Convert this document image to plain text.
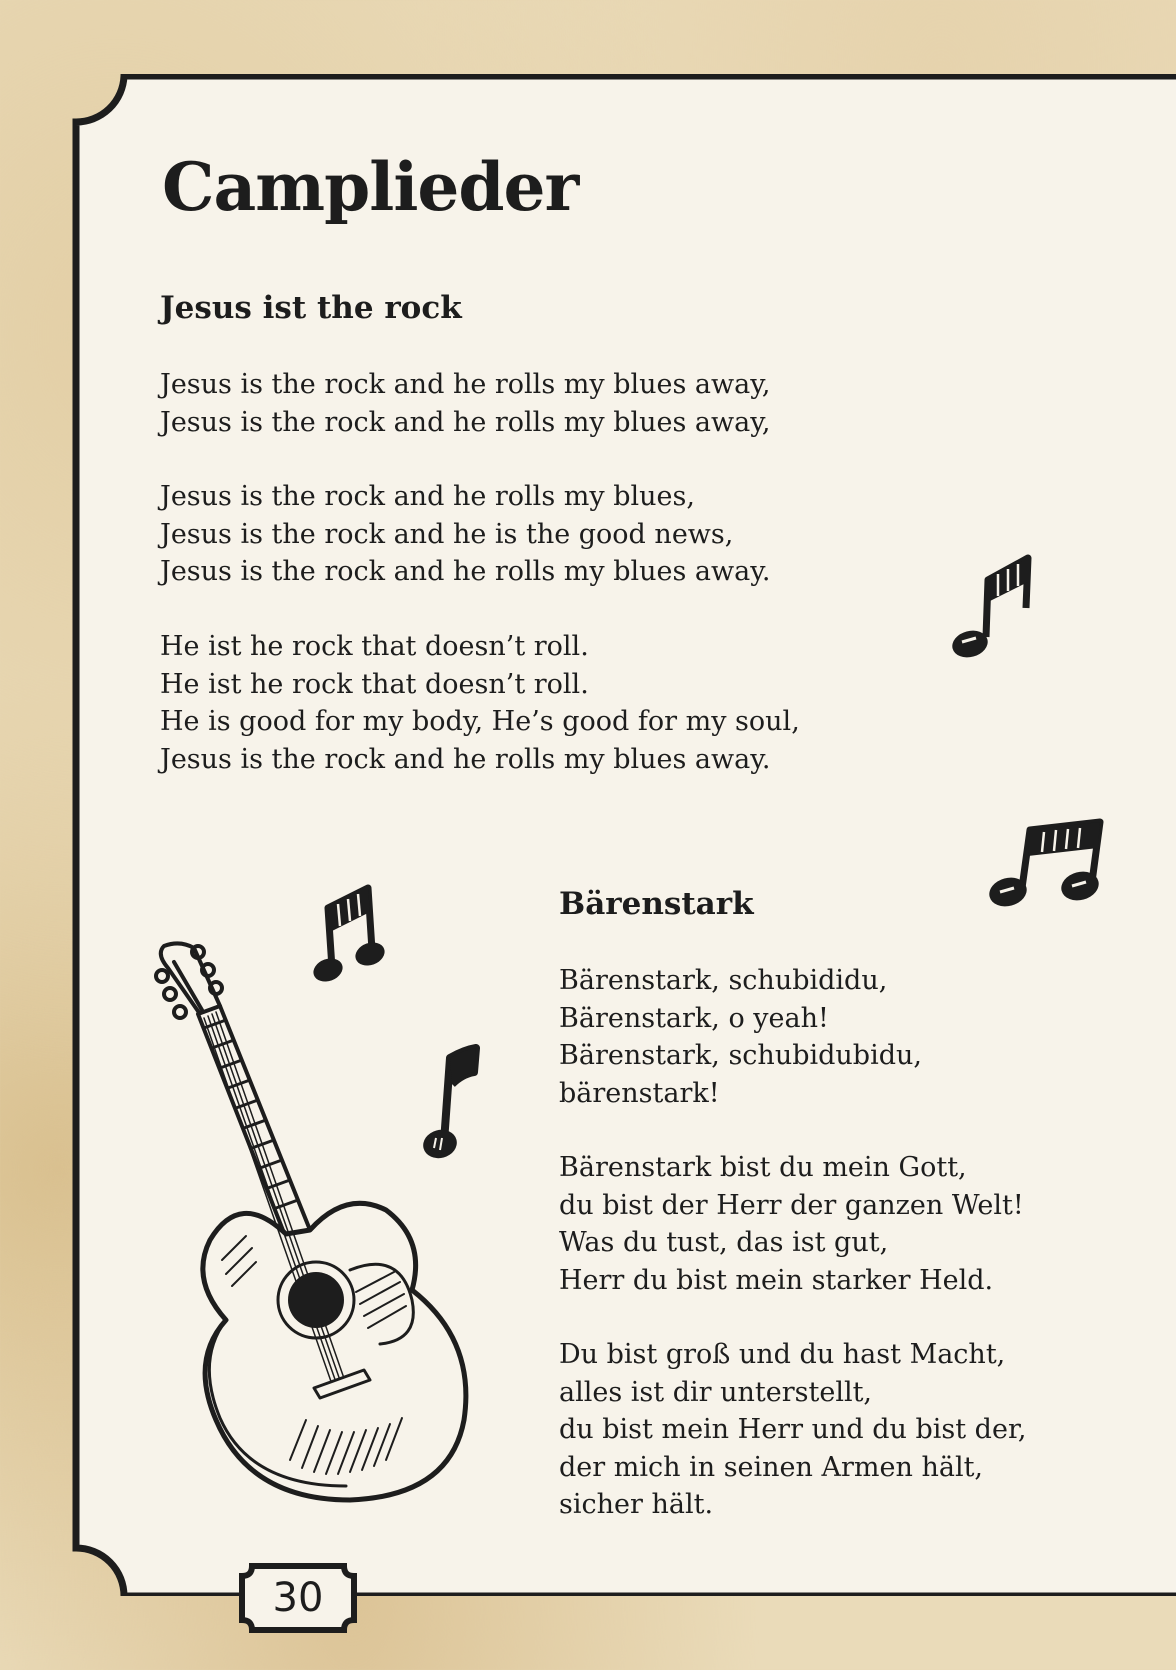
Camplieder
Jesus ist the rock

Jesus is the rock and he rolls my blues away,
Jesus is the rock and he rolls my blues away,

Jesus is the rock and he rolls my blues,
Jesus is the rock and he is the good news,
Jesus is the rock and he rolls my blues away.

He ist he rock that doesn’t roll.
He ist he rock that doesn’t roll.
He is good for my body, He’s good for my soul,
Jesus is the rock and he rolls my blues away.

Bärenstark

Bärenstark, schubididu,
Bärenstark, o yeah!
Bärenstark, schubidubidu,
bärenstark!

Bärenstark bist du mein Gott,
du bist der Herr der ganzen Welt!
Was du tust, das ist gut,
Herr du bist mein starker Held.

Du bist groß und du hast Macht,
alles ist dir unterstellt,
du bist mein Herr und du bist der,
der mich in seinen Armen hält,
sicher hält.

30
